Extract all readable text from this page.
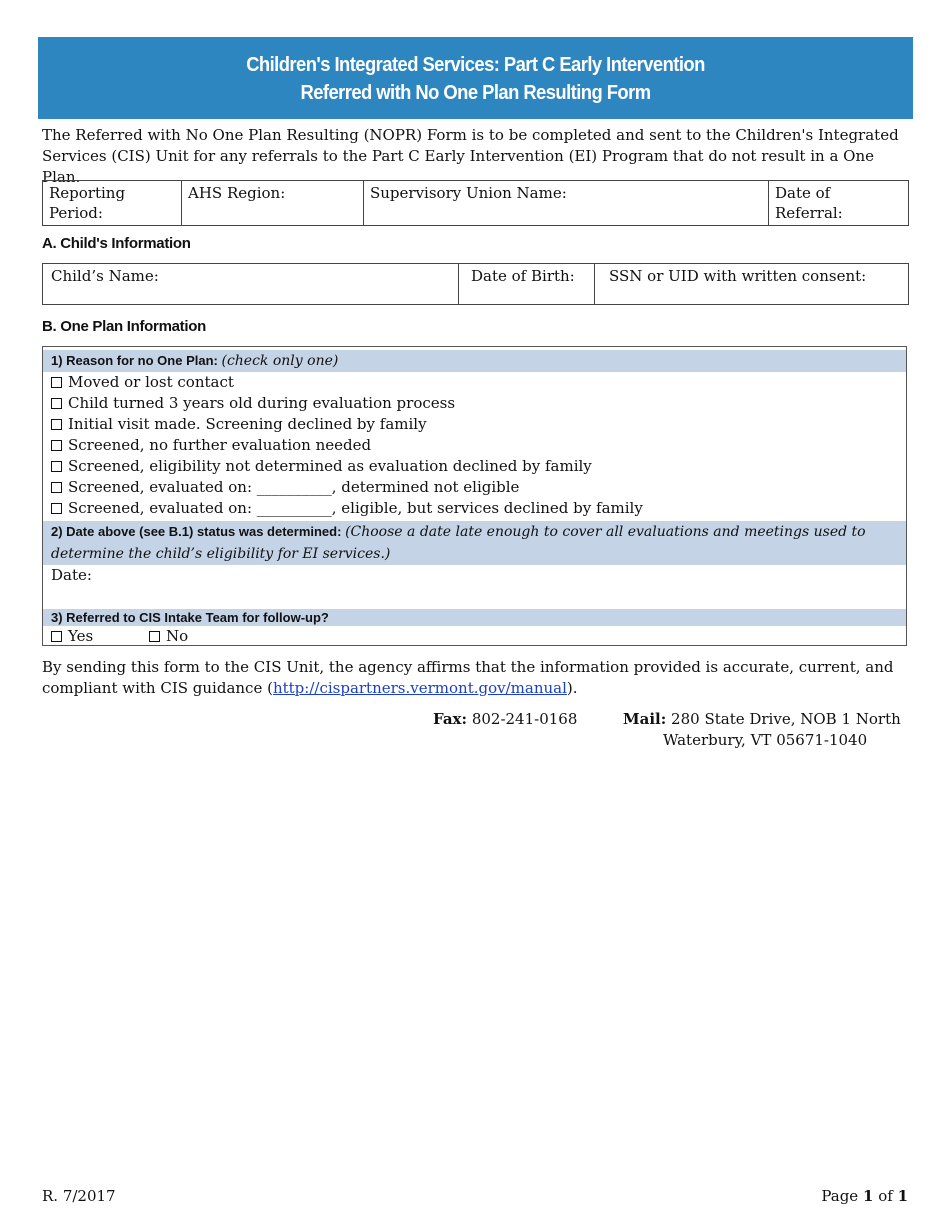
Children's Integrated Services: Part C Early Intervention
Referred with No One Plan Resulting Form
The Referred with No One Plan Resulting (NOPR) Form is to be completed and sent to the Children's Integrated Services (CIS) Unit for any referrals to the Part C Early Intervention (EI) Program that do not result in a One Plan.
Reporting Period:	AHS Region:	Supervisory Union Name:	Date of Referral:
A. Child's Information
Child’s Name:	Date of Birth:	SSN or UID with written consent:
B. One Plan Information
1) Reason for no One Plan: (check only one)
Moved or lost contact
Child turned 3 years old during evaluation process
Initial visit made. Screening declined by family
Screened, no further evaluation needed
Screened, eligibility not determined as evaluation declined by family
Screened, evaluated on: __________, determined not eligible
Screened, evaluated on: __________, eligible, but services declined by family
2) Date above (see B.1) status was determined: (Choose a date late enough to cover all evaluations and meetings used to determine the child’s eligibility for EI services.)
Date:
3) Referred to CIS Intake Team for follow-up?
Yes	No
By sending this form to the CIS Unit, the agency affirms that the information provided is accurate, current, and compliant with CIS guidance (http://cispartners.vermont.gov/manual).
Fax: 802-241-0168	Mail: 280 State Drive, NOB 1 North
Waterbury, VT 05671-1040
R. 7/2017	Page 1 of 1
